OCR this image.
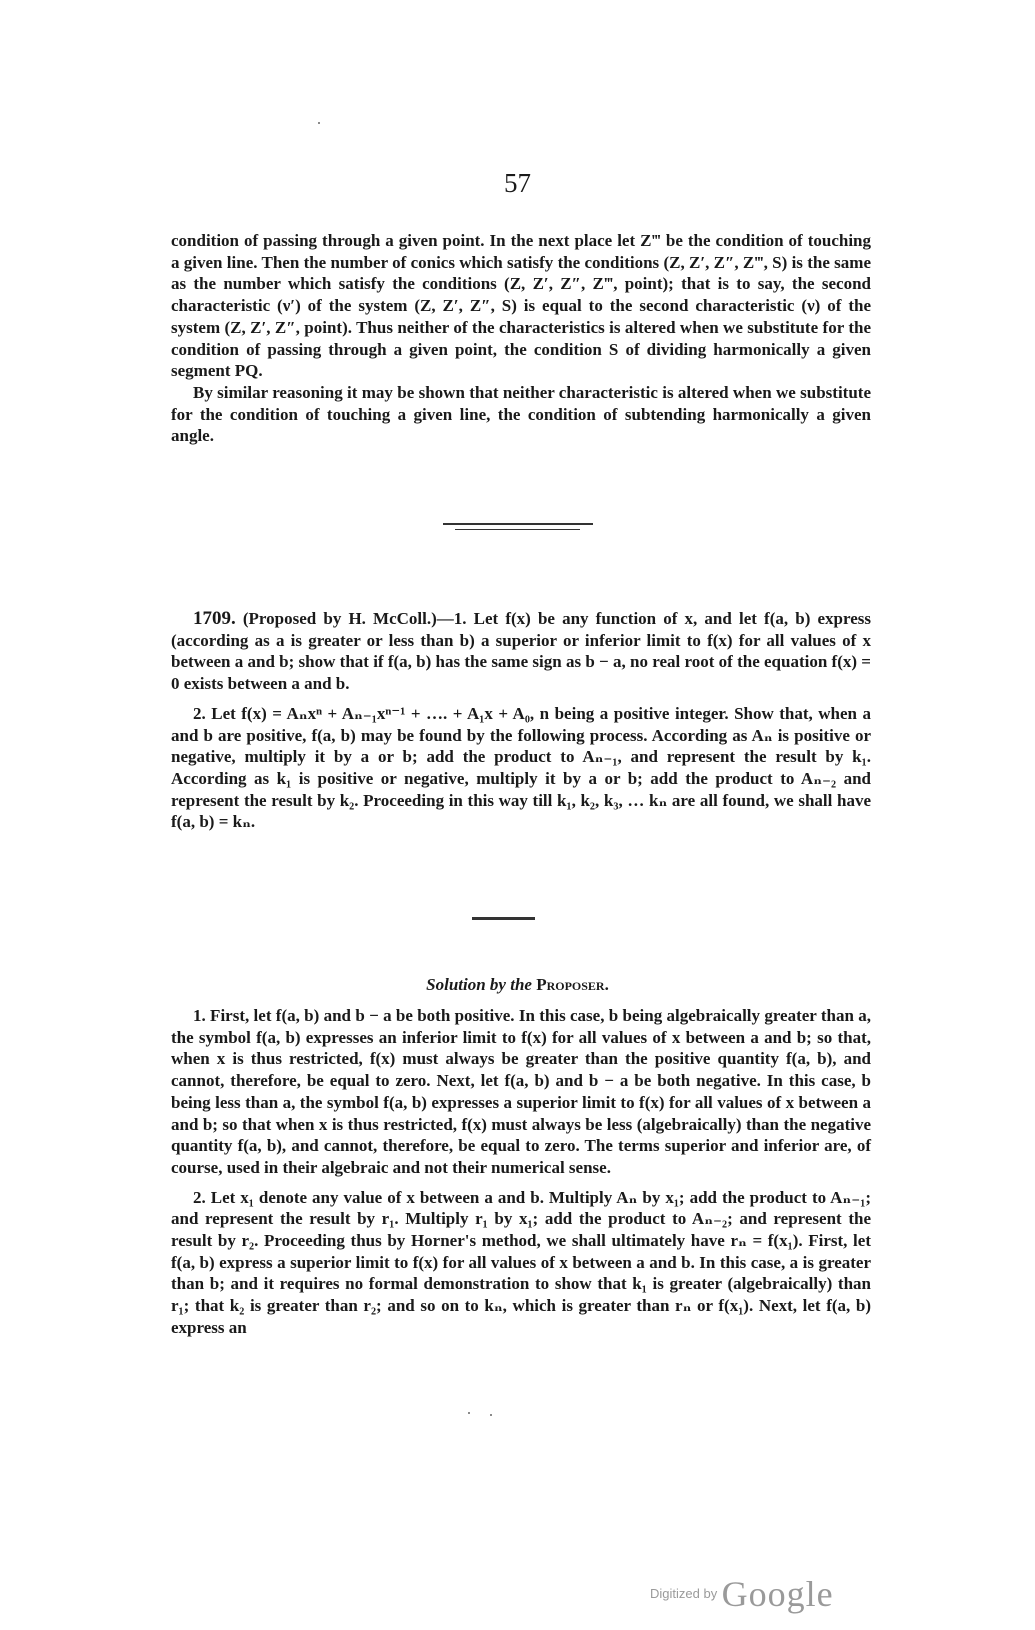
57

condition of passing through a given point. In the next place let Z‴ be the condition of touching a given line. Then the number of conics which satisfy the conditions (Z, Z′, Z″, Z‴, S) is the same as the number which satisfy the conditions (Z, Z′, Z″, Z‴, point); that is to say, the second characteristic (ν′) of the system (Z, Z′, Z″, S) is equal to the second characteristic (ν) of the system (Z, Z′, Z″, point). Thus neither of the characteristics is altered when we substitute for the condition of passing through a given point, the condition S of dividing harmonically a given segment PQ.

By similar reasoning it may be shown that neither characteristic is altered when we substitute for the condition of touching a given line, the condition of subtending harmonically a given angle.

1709. (Proposed by H. McColl.)—1. Let f(x) be any function of x, and let f(a, b) express (according as a is greater or less than b) a superior or inferior limit to f(x) for all values of x between a and b; show that if f(a, b) has the same sign as b − a, no real root of the equation f(x) = 0 exists between a and b.

2. Let f(x) = Aₙxⁿ + Aₙ₋₁xⁿ⁻¹ + …. + A₁x + A₀, n being a positive integer. Show that, when a and b are positive, f(a, b) may be found by the following process. According as Aₙ is positive or negative, multiply it by a or b; add the product to Aₙ₋₁, and represent the result by k₁. According as k₁ is positive or negative, multiply it by a or b; add the product to Aₙ₋₂ and represent the result by k₂. Proceeding in this way till k₁, k₂, k₃, … kₙ are all found, we shall have f(a, b) = kₙ.

Solution by the Proposer.

1. First, let f(a, b) and b − a be both positive. In this case, b being algebraically greater than a, the symbol f(a, b) expresses an inferior limit to f(x) for all values of x between a and b; so that, when x is thus restricted, f(x) must always be greater than the positive quantity f(a, b), and cannot, therefore, be equal to zero. Next, let f(a, b) and b − a be both negative. In this case, b being less than a, the symbol f(a, b) expresses a superior limit to f(x) for all values of x between a and b; so that when x is thus restricted, f(x) must always be less (algebraically) than the negative quantity f(a, b), and cannot, therefore, be equal to zero. The terms superior and inferior are, of course, used in their algebraic and not their numerical sense.

2. Let x₁ denote any value of x between a and b. Multiply Aₙ by x₁; add the product to Aₙ₋₁; and represent the result by r₁. Multiply r₁ by x₁; add the product to Aₙ₋₂; and represent the result by r₂. Proceeding thus by Horner's method, we shall ultimately have rₙ = f(x₁). First, let f(a, b) express a superior limit to f(x) for all values of x between a and b. In this case, a is greater than b; and it requires no formal demonstration to show that k₁ is greater (algebraically) than r₁; that k₂ is greater than r₂; and so on to kₙ, which is greater than rₙ or f(x₁). Next, let f(a, b) express an

$^{Digitized by}$ Google
